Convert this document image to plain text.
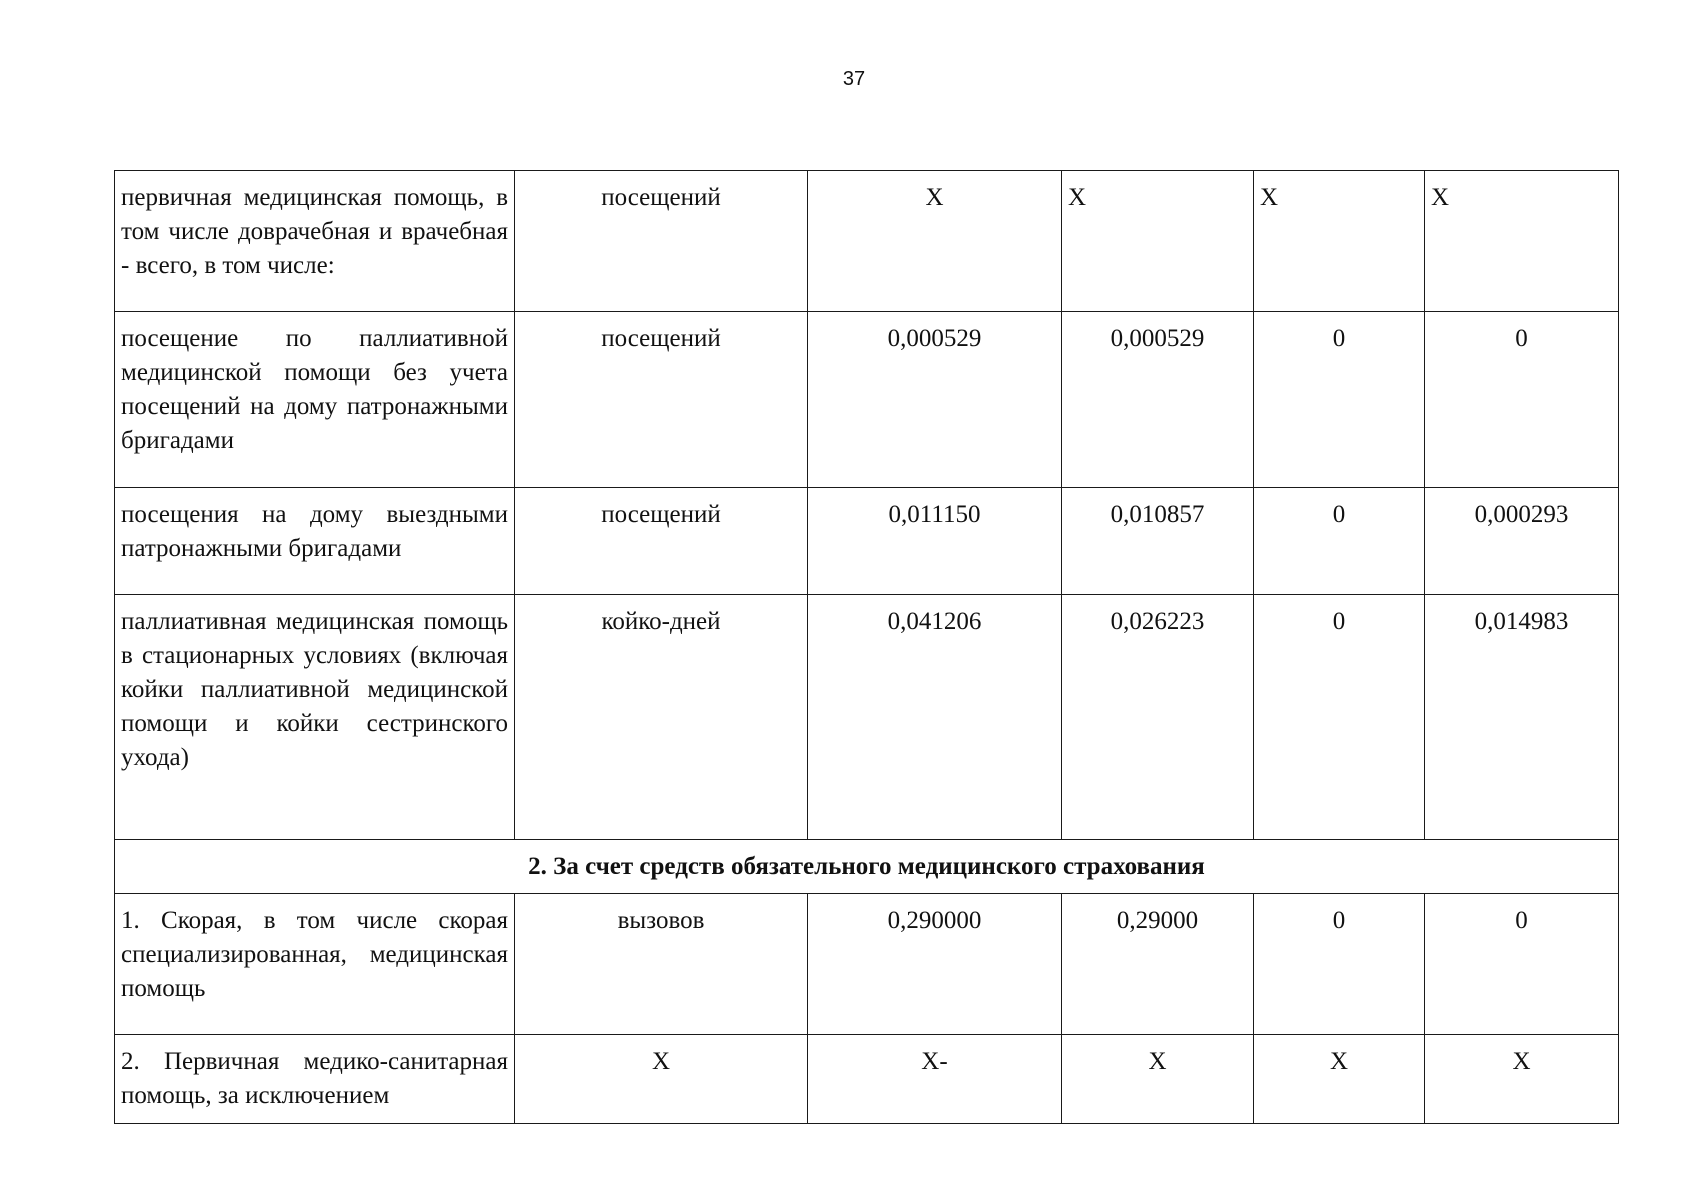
37
первичная медицинская помощь, в том числе доврачебная и врачебная - всего, в том числе:	посещений	Х	Х	Х	Х
посещение по паллиативной медицинской помощи без учета посещений на дому патронажными бригадами	посещений	0,000529	0,000529	0	0
посещения на дому выездными патронажными бригадами	посещений	0,011150	0,010857	0	0,000293
паллиативная медицинская помощь в стационарных условиях (включая койки паллиативной медицинской помощи и койки сестринского ухода)	койко-дней	0,041206	0,026223	0	0,014983
2. За счет средств обязательного медицинского страхования					
1. Скорая, в том числе скорая специализированная, медицинская помощь	вызовов	0,290000	0,29000	0	0
2. Первичная медико-санитарная помощь, за исключением	Х	Х-	Х	Х	Х
